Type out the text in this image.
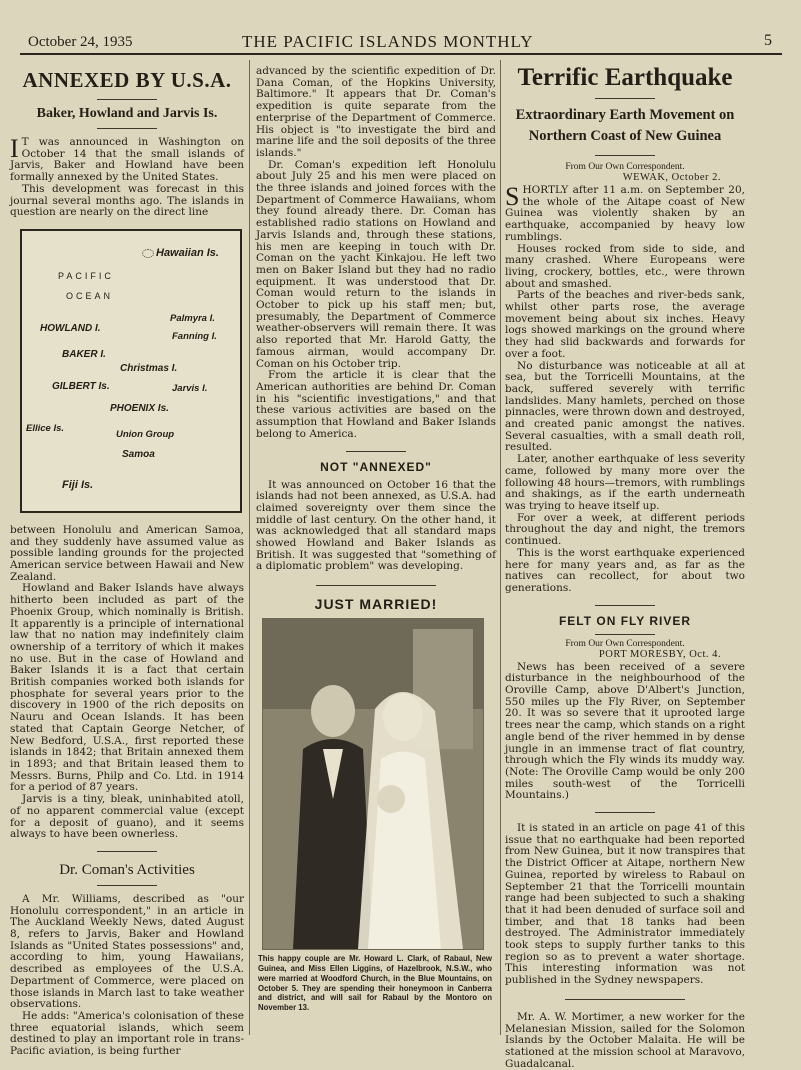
October 24, 1935	THE PACIFIC ISLANDS MONTHLY	5
ANNEXED BY U.S.A.
Baker, Howland and Jarvis Is.

I T was announced in Washington on October 14 that the small islands of Jarvis, Baker and Howland have been formally annexed by the United States.

This development was forecast in this journal several months ago. The islands in question are nearly on the direct line

Hawaiian Is.
PACIFIC
OCEAN
HOWLAND I.
Palmyra I.
Fanning I.
BAKER I.
Christmas I.
GILBERT Is.	Jarvis I.
PHOENIX Is.
Ellice Is.
Union Group
Samoa
Fiji Is.

between Honolulu and American Samoa, and they suddenly have assumed value as possible landing grounds for the projected American service between Hawaii and New Zealand.

Howland and Baker Islands have always hitherto been included as part of the Phoenix Group, which nominally is British. It apparently is a principle of international law that no nation may indefinitely claim ownership of a territory of which it makes no use. But in the case of Howland and Baker Islands it is a fact that certain British companies worked both islands for phosphate for several years prior to the discovery in 1900 of the rich deposits on Nauru and Ocean Islands. It has been stated that Captain George Netcher, of New Bedford, U.S.A., first reported these islands in 1842; that Britain annexed them in 1893; and that Britain leased them to Messrs. Burns, Philp and Co. Ltd. in 1914 for a period of 87 years.

Jarvis is a tiny, bleak, uninhabited atoll, of no apparent commercial value (except for a deposit of guano), and it seems always to have been ownerless.

Dr. Coman's Activities

A Mr. Williams, described as "our Honolulu correspondent," in an article in The Auckland Weekly News, dated August 8, refers to Jarvis, Baker and Howland Islands as "United States possessions" and, according to him, young Hawaiians, described as employees of the U.S.A. Department of Commerce, were placed on those islands in March last to take weather observations.

He adds: "America's colonisation of these three equatorial islands, which seem destined to play an important role in trans-Pacific aviation, is being further

advanced by the scientific expedition of Dr. Dana Coman, of the Hopkins University, Baltimore." It appears that Dr. Coman's expedition is quite separate from the enterprise of the Department of Commerce. His object is "to investigate the bird and marine life and the soil deposits of the three islands."

Dr. Coman's expedition left Honolulu about July 25 and his men were placed on the three islands and joined forces with the Department of Commerce Hawaiians, whom they found already there. Dr. Coman has established radio stations on Howland and Jarvis Islands and, through these stations, his men are keeping in touch with Dr. Coman on the yacht Kinkajou. He left two men on Baker Island but they had no radio equipment. It was understood that Dr. Coman would return to the islands in October to pick up his staff men; but, presumably, the Department of Commerce weather-observers will remain there. It was also reported that Mr. Harold Gatty, the famous airman, would accompany Dr. Coman on his October trip.

From the article it is clear that the American authorities are behind Dr. Coman in his "scientific investigations," and that these various activities are based on the assumption that Howland and Baker Islands belong to America.

NOT "ANNEXED"

It was announced on October 16 that the islands had not been annexed, as U.S.A. had claimed sovereignty over them since the middle of last century. On the other hand, it was acknowledged that all standard maps showed Howland and Baker Islands as British. It was suggested that "something of a diplomatic problem" was developing.

JUST MARRIED!
This happy couple are Mr. Howard L. Clark, of Rabaul, New Guinea, and Miss Ellen Liggins, of Hazelbrook, N.S.W., who were married at Woodford Church, in the Blue Mountains, on October 5. They are spending their honeymoon in Canberra and district, and will sail for Rabaul by the Montoro on November 13.
Terrific Earthquake
Extraordinary Earth Movement on Northern Coast of New Guinea
From Our Own Correspondent.
WEWAK, October 2.

SHORTLY after 11 a.m. on September 20, the whole of the Aitape coast of New Guinea was violently shaken by an earthquake, accompanied by heavy low rumblings.

Houses rocked from side to side, and many crashed. Where Europeans were living, crockery, bottles, etc., were thrown about and smashed.

Parts of the beaches and river-beds sank, whilst other parts rose, the average movement being about six inches. Heavy logs showed markings on the ground where they had slid backwards and forwards for over a foot.

No disturbance was noticeable at all at sea, but the Torricelli Mountains, at the back, suffered severely with terrific landslides. Many hamlets, perched on those pinnacles, were thrown down and destroyed, and created panic amongst the natives. Several casualties, with a small death roll, resulted.

Later, another earthquake of less severity came, followed by many more over the following 48 hours—tremors, with rumblings and shakings, as if the earth underneath was trying to heave itself up.

For over a week, at different periods throughout the day and night, the tremors continued.

This is the worst earthquake experienced here for many years and, as far as the natives can recollect, for about two generations.

FELT ON FLY RIVER
From Our Own Correspondent.
PORT MORESBY, Oct. 4.

News has been received of a severe disturbance in the neighbourhood of the Oroville Camp, above D'Albert's Junction, 550 miles up the Fly River, on September 20. It was so severe that it uprooted large trees near the camp, which stands on a right angle bend of the river hemmed in by dense jungle in an immense tract of flat country, through which the Fly winds its muddy way. (Note: The Oroville Camp would be only 200 miles south-west of the Torricelli Mountains.)

It is stated in an article on page 41 of this issue that no earthquake had been reported from New Guinea, but it now transpires that the District Officer at Aitape, northern New Guinea, reported by wireless to Rabaul on September 21 that the Torricelli mountain range had been subjected to such a shaking that it had been denuded of surface soil and timber, and that 18 tanks had been destroyed. The Administrator immediately took steps to supply further tanks to this region so as to prevent a water shortage. This interesting information was not published in the Sydney newspapers.

Mr. A. W. Mortimer, a new worker for the Melanesian Mission, sailed for the Solomon Islands by the October Malaita. He will be stationed at the mission school at Maravovo, Guadalcanal.
